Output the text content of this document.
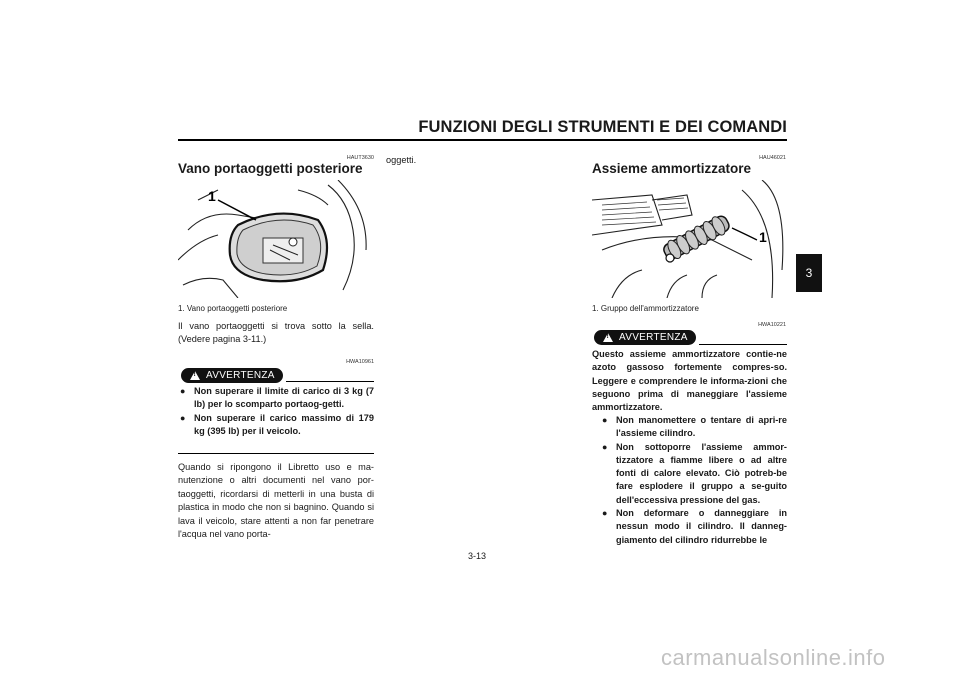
FUNZIONI DEGLI STRUMENTI E DEI COMANDI
3
HAUT3630
Vano portaoggetti posteriore
1
1. Vano portaoggetti posteriore
Il vano portaoggetti si trova sotto la sella. (Vedere pagina 3-11.)
HWA10961
!
AVVERTENZA
● Non superare il limite di carico di 3 kg (7 lb) per lo scomparto portaog-getti.
● Non superare il carico massimo di 179 kg (395 lb) per il veicolo.
Quando si ripongono il Libretto uso e ma-nutenzione o altri documenti nel vano por-taoggetti, ricordarsi di metterli in una busta di plastica in modo che non si bagnino. Quando si lava il veicolo, stare attenti a non far penetrare l'acqua nel vano porta-
oggetti.	HAU46021
Assieme ammortizzatore
1
1. Gruppo dell'ammortizzatore
HWA10221
!
AVVERTENZA
Questo assieme ammortizzatore contie-ne azoto gassoso fortemente compres-so. Leggere e comprendere le informa-zioni che seguono prima di maneggiare l'assieme ammortizzatore.
● Non manomettere o tentare di apri-re l'assieme cilindro.
● Non sottoporre l'assieme ammor-tizzatore a fiamme libere o ad altre fonti di calore elevato. Ciò potreb-be fare esplodere il gruppo a se-guito dell'eccessiva pressione del gas.
● Non deformare o danneggiare in nessun modo il cilindro. Il danneg-giamento del cilindro ridurrebbe le
3-13
carmanualsonline.info
